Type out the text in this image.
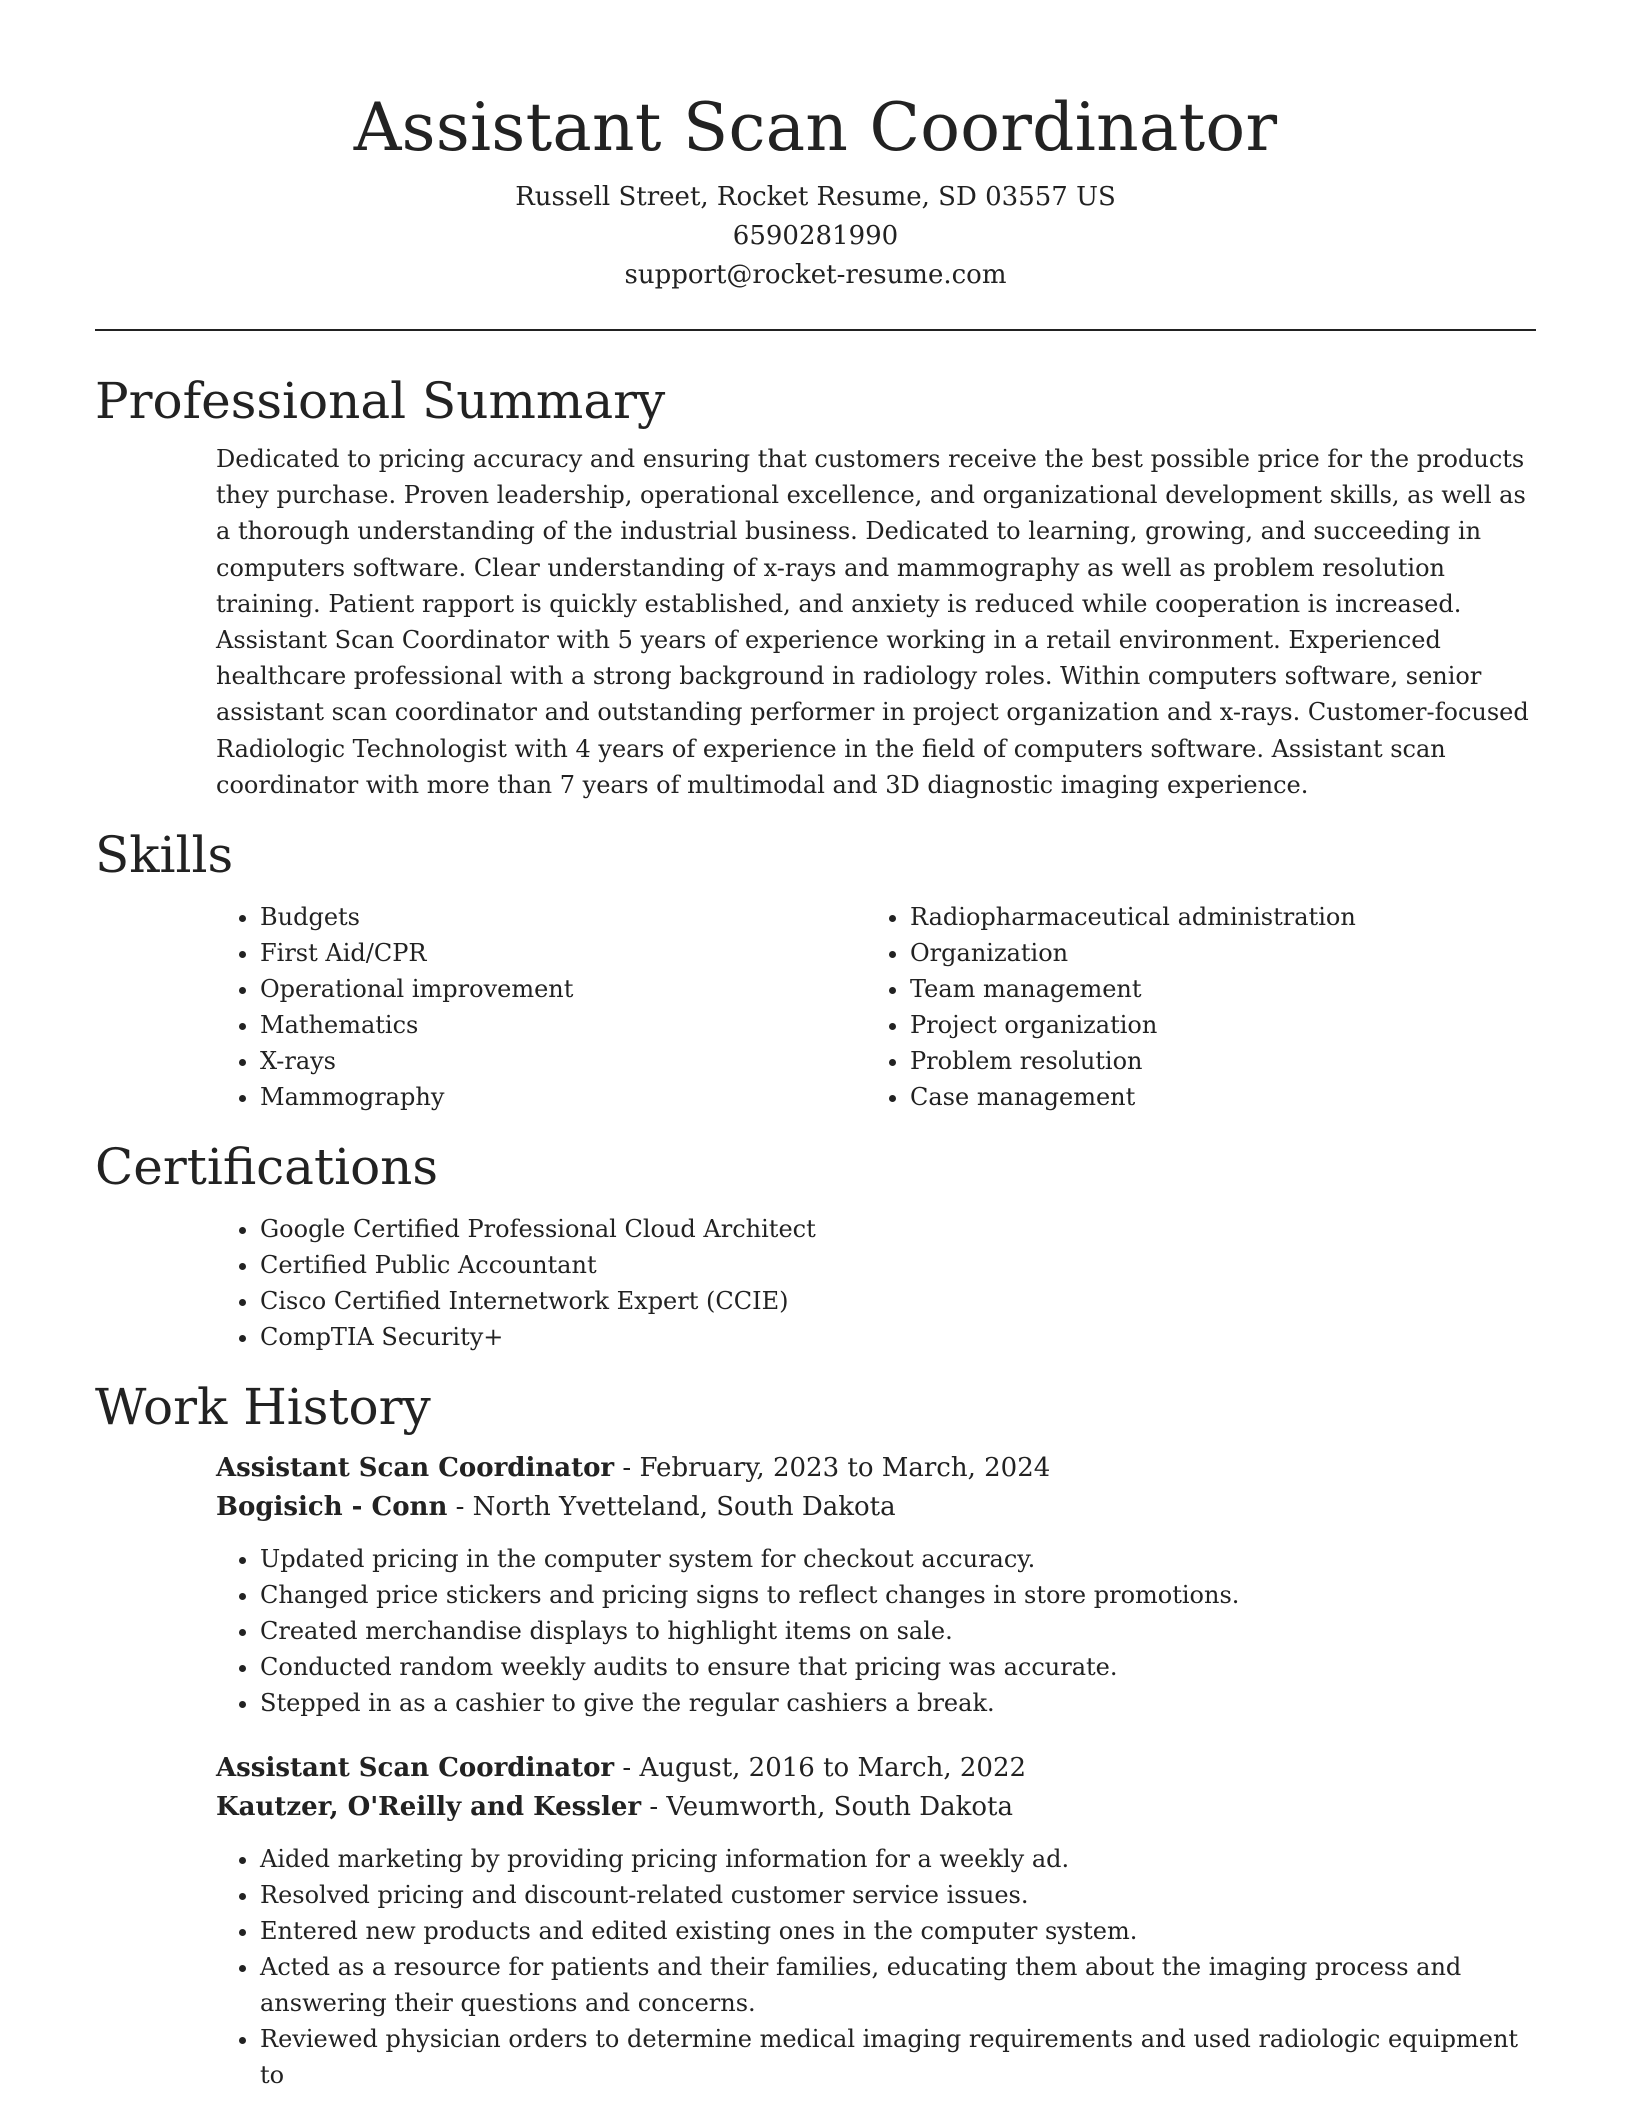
Assistant Scan Coordinator
Russell Street, Rocket Resume, SD 03557 US
6590281990
support@rocket-resume.com
Professional Summary

Dedicated to pricing accuracy and ensuring that customers receive the best possible price for the products they purchase. Proven leadership, operational excellence, and organizational development skills, as well as a thorough understanding of the industrial business. Dedicated to learning, growing, and succeeding in computers software. Clear understanding of x-rays and mammography as well as problem resolution training. Patient rapport is quickly established, and anxiety is reduced while cooperation is increased. Assistant Scan Coordinator with 5 years of experience working in a retail environment. Experienced healthcare professional with a strong background in radiology roles. Within computers software, senior assistant scan coordinator and outstanding performer in project organization and x-rays. Customer-focused Radiologic Technologist with 4 years of experience in the field of computers software. Assistant scan coordinator with more than 7 years of multimodal and 3D diagnostic imaging experience.

Skills
• Budgets
• First Aid/CPR
• Operational improvement
• Mathematics
• X-rays
• Mammography
• Radiopharmaceutical administration
• Organization
• Team management
• Project organization
• Problem resolution
• Case management
Certifications
• Google Certified Professional Cloud Architect
• Certified Public Accountant
• Cisco Certified Internetwork Expert (CCIE)
• CompTIA Security+
Work History
Assistant Scan Coordinator - February, 2023 to March, 2024
Bogisich - Conn - North Yvetteland, South Dakota
• Updated pricing in the computer system for checkout accuracy.
• Changed price stickers and pricing signs to reflect changes in store promotions.
• Created merchandise displays to highlight items on sale.
• Conducted random weekly audits to ensure that pricing was accurate.
• Stepped in as a cashier to give the regular cashiers a break.
Assistant Scan Coordinator - August, 2016 to March, 2022
Kautzer, O'Reilly and Kessler - Veumworth, South Dakota
• Aided marketing by providing pricing information for a weekly ad.
• Resolved pricing and discount-related customer service issues.
• Entered new products and edited existing ones in the computer system.
• Acted as a resource for patients and their families, educating them about the imaging process and answering their questions and concerns.
• Reviewed physician orders to determine medical imaging requirements and used radiologic equipment to
